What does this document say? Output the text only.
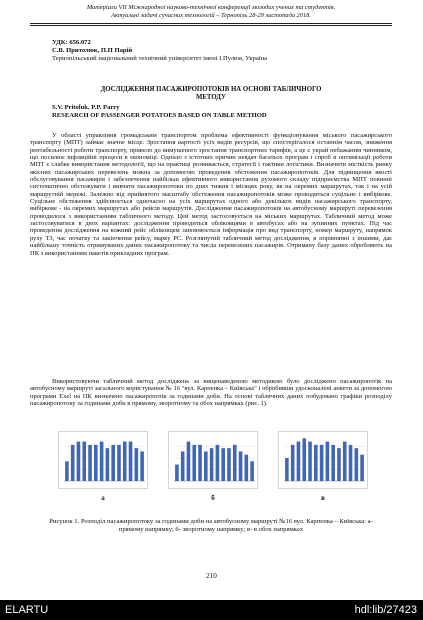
Матеріали VII Міжнародної науково-технічної конференції молодих учених та студентів.
Актуальні задачі сучасних технологій – Тернопіль 28-29 листопада 2018.
УДК: 656.072
С.В. Притолюк, П.П Парій
Тернопільський національний технічний університет імені І.Пулюя, Україна
ДОСЛІДЖЕННЯ ПАСАЖИРОПОТОКІВ НА ОСНОВІ ТАБЛИЧНОГО
МЕТОДУ
S.V. Pritoluk, P.P. Parry
RESEARCH OF PASSENGER POTATOES BASED ON TABLE METHOD
У області управління громадським транспортом проблема ефективності функціонування міського пасажирського транспорту (МПТ) займає значне місце. Зростання вартості усіх видів ресурсів, що спостерігалося останнім часом, зниження рентабельності роботи транспорту, привело до вимушеного зростання транспортних тарифів, а це є украй небажаним чинником, що посилює інфляційні процеси в економіці. Однією з істотних причин невдач багатьох програм і спроб в оптимізації роботи МПТ є слабке використання методології, що на практиці розвивається, стратегії і тактики логістики. Визначити місткість ринку якісних пасажирських перевезень можна за допомогою проведення обстеження пасажиропотоків. Для підвищення якості обслуговування пасажирів і забезпечення найбільш ефективного використання рухомого складу підприємства МПТ повинні систематично обстежувати і вивчати пасажиропотоки по днях тижня і місяцях року, як на окремих маршрутах, так і на усій маршрутній мережі. Залежно від прийнятого масштабу обстеження пасажиропотоків може проводиться суцільне і вибіркове. Суцільне обстеження здійснюється одночасно на усіх маршрутах одного або декількох видів пасажирського транспорту, вибіркове - на окремих маршрутах або рейсів маршрутів. Дослідження пасажиропотоків на автобусному маршруті перевезення проводилося з використанням табличного методу. Цей метод застосовується на міських маршрутах. Табличний метод може застосовуватися в двох варіантах: дослідження проводиться обліковцями в автобусах або на зупинних пунктах. Під час проведення дослідження на кожний рейс обліковцем заповнюється інформація про вид транспорту, номер маршруту, напрямок руху ТЗ, час початку та закінчення рейсу, марку РС. Розглянутий табличний метод дослідження, в порівнянні з іншими, дає найбільшу точність отримуваних даних пасажиропотоку та числа перевезених пасажирів. Отриману базу даних обробляють на ПК з використанням пакетів прикладних програм.
Використовуючи табличний метод досліджень за вищенаведеною методикою було досліджено пасажиропотік на автобусному маршруті загального користування № 16 "вул. Карпенка – Київська" і обробивши удосконалені анкети за допомогою програми Exel на ПК визначено пасажиропотік за годинами доби. На основі табличних даних побудовано графіки розподілу пасажиропотоку за годинами доби в прямому, зворотному та обох напрямках (рис. 1).
а	б	в
Рисунок 1. Розподіл пасажиропотоку за годинами доби на автобусному маршруті №16 вул. Карпенка – Київська: а- прямому напрямку; б- зворотному напрямку; в- в обох напрямках
210
ELARTU	hdl:lib/27423
